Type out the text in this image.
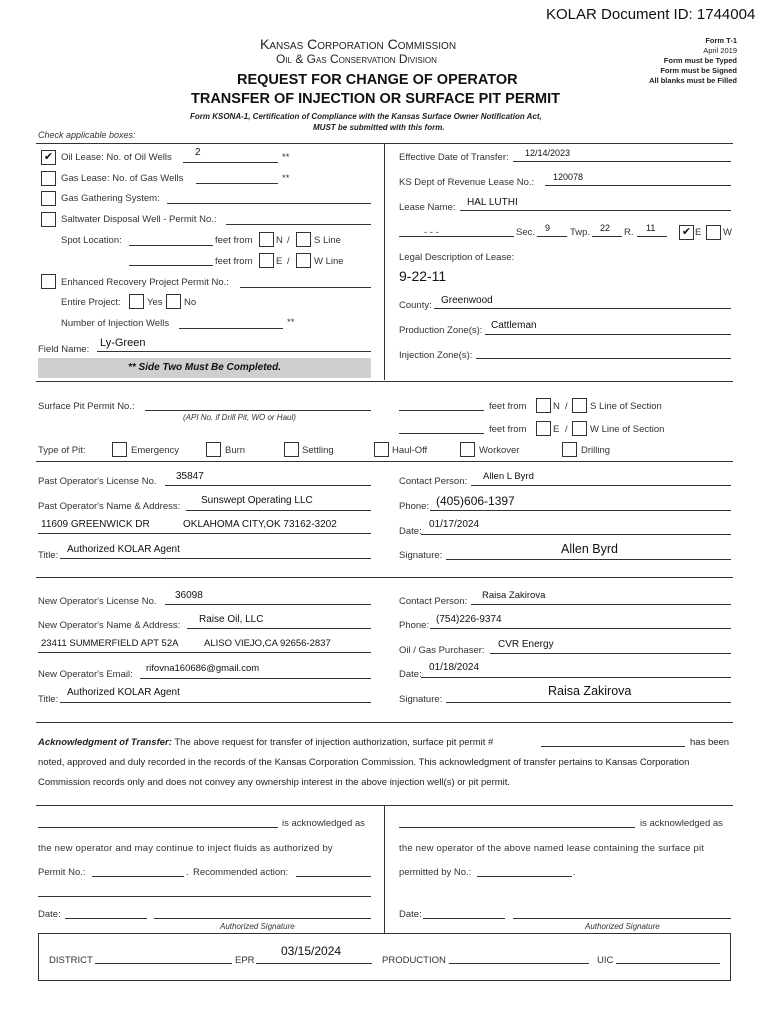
KOLAR Document ID: 1744004
Kansas Corporation Commission
Oil & Gas Conservation Division
REQUEST FOR CHANGE OF OPERATOR
TRANSFER OF INJECTION OR SURFACE PIT PERMIT
Form KSONA-1, Certification of Compliance with the Kansas Surface Owner Notification Act,
MUST be submitted with this form.
Form T-1
April 2019
Form must be Typed
Form must be Signed
All blanks must be Filled
Check applicable boxes:
✔ Oil Lease: No. of Oil Wells 2	**
Gas Lease: No. of Gas Wells	**
Gas Gathering System:
Saltwater Disposal Well - Permit No.:
Spot Location:	feet from N /	S Line
feet from E /	W Line
Enhanced Recovery Project Permit No.:
Entire Project:	Yes No
Number of Injection Wells	**
Field Name:
Ly-Green
** Side Two Must Be Completed.
Effective Date of Transfer: 12/14/2023
KS Dept of Revenue Lease No.: 120078
Lease Name: HAL LUTHI
- - -	Sec. 9 Twp. 22 R. 11 ✔ E W
Legal Description of Lease:
9-22-11
County: Greenwood
Production Zone(s): Cattleman
Injection Zone(s):
Surface Pit Permit No.:
(API No. if Drill Pit, WO or Haul)
feet from	N / S Line of Section
feet from	E / W Line of Section
Type of Pit:	Emergency	Burn	Settling	Haul-Off	Workover	Drilling
Past Operator's License No. 35847
Past Operator's Name & Address:
Sunswept Operating LLC
11609 GREENWICK DR	OKLAHOMA CITY,OK 73162-3202
Title:
Authorized KOLAR Agent
Contact Person: Allen L Byrd
Phone: (405)606-1397
Date:
01/17/2024
Signature:	Allen Byrd
New Operator's License No.
36098
New Operator's Name & Address:
Raise Oil, LLC
23411 SUMMERFIELD APT 52A	ALISO VIEJO,CA 92656-2837
New Operator's Email:
rifovna160686@gmail.com
Title:
Authorized KOLAR Agent
Contact Person:
Raisa Zakirova
Phone:
(754)226-9374
Oil / Gas Purchaser:
CVR Energy
Date:
01/18/2024
Signature:
Raisa Zakirova
Acknowledgment of Transfer: The above request for transfer of injection authorization, surface pit permit #	has been
noted, approved and duly recorded in the records of the Kansas Corporation Commission. This acknowledgment of transfer pertains to Kansas Corporation
Commission records only and does not convey any ownership interest in the above injection well(s) or pit permit.
is acknowledged as
the new operator and may continue to inject fluids as authorized by
Permit No.:	. Recommended action:
Date:
Authorized Signature
is acknowledged as
the new operator of the above named lease containing the surface pit
permitted by No.:	.
Date:
Authorized Signature
DISTRICT	EPR
03/15/2024
PRODUCTION	UIC
